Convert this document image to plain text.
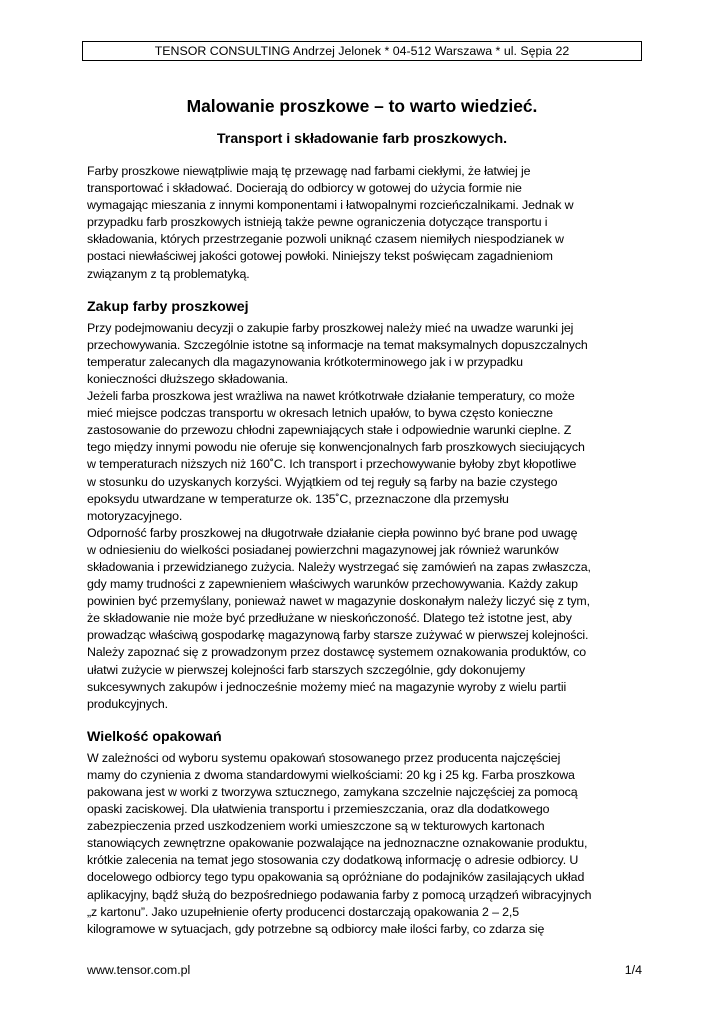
TENSOR CONSULTING Andrzej Jelonek * 04-512 Warszawa * ul. Sępia 22
Malowanie proszkowe – to warto wiedzieć.
Transport i składowanie farb proszkowych.

Farby proszkowe niewątpliwie mają tę przewagę nad farbami ciekłymi, że łatwiej je

transportować i składować. Docierają do odbiorcy w gotowej do użycia formie nie

wymagając mieszania z innymi komponentami i łatwopalnymi rozcieńczalnikami. Jednak w

przypadku farb proszkowych istnieją także pewne ograniczenia dotyczące transportu i

składowania, których przestrzeganie pozwoli uniknąć czasem niemiłych niespodzianek w

postaci niewłaściwej jakości gotowej powłoki. Niniejszy tekst poświęcam zagadnieniom

związanym z tą problematyką.

Zakup farby proszkowej

Przy podejmowaniu decyzji o zakupie farby proszkowej należy mieć na uwadze warunki jej

przechowywania. Szczególnie istotne są informacje na temat maksymalnych dopuszczalnych

temperatur zalecanych dla magazynowania krótkoterminowego jak i w przypadku

konieczności dłuższego składowania.

Jeżeli farba proszkowa jest wrażliwa na nawet krótkotrwałe działanie temperatury, co może

mieć miejsce podczas transportu w okresach letnich upałów, to bywa często konieczne

zastosowanie do przewozu chłodni zapewniających stałe i odpowiednie warunki cieplne. Z

tego między innymi powodu nie oferuje się konwencjonalnych farb proszkowych sieciujących

w temperaturach niższych niż 160˚C. Ich transport i przechowywanie byłoby zbyt kłopotliwe

w stosunku do uzyskanych korzyści. Wyjątkiem od tej reguły są farby na bazie czystego

epoksydu utwardzane w temperaturze ok. 135˚C, przeznaczone dla przemysłu

motoryzacyjnego.

Odporność farby proszkowej na długotrwałe działanie ciepła powinno być brane pod uwagę

w odniesieniu do wielkości posiadanej powierzchni magazynowej jak również warunków

składowania i przewidzianego zużycia. Należy wystrzegać się zamówień na zapas zwłaszcza,

gdy mamy trudności z zapewnieniem właściwych warunków przechowywania. Każdy zakup

powinien być przemyślany, ponieważ nawet w magazynie doskonałym należy liczyć się z tym,

że składowanie nie może być przedłużane w nieskończoność. Dlatego też istotne jest, aby

prowadząc właściwą gospodarkę magazynową farby starsze zużywać w pierwszej kolejności.

Należy zapoznać się z prowadzonym przez dostawcę systemem oznakowania produktów, co

ułatwi zużycie w pierwszej kolejności farb starszych szczególnie, gdy dokonujemy

sukcesywnych zakupów i jednocześnie możemy mieć na magazynie wyroby z wielu partii

produkcyjnych.

Wielkość opakowań

W zależności od wyboru systemu opakowań stosowanego przez producenta najczęściej

mamy do czynienia z dwoma standardowymi wielkościami: 20 kg i 25 kg. Farba proszkowa

pakowana jest w worki z tworzywa sztucznego, zamykana szczelnie najczęściej za pomocą

opaski zaciskowej. Dla ułatwienia transportu i przemieszczania, oraz dla dodatkowego

zabezpieczenia przed uszkodzeniem worki umieszczone są w tekturowych kartonach

stanowiących zewnętrzne opakowanie pozwalające na jednoznaczne oznakowanie produktu,

krótkie zalecenia na temat jego stosowania czy dodatkową informację o adresie odbiorcy. U

docelowego odbiorcy tego typu opakowania są opróżniane do podajników zasilających układ

aplikacyjny, bądź służą do bezpośredniego podawania farby z pomocą urządzeń wibracyjnych

„z kartonu”. Jako uzupełnienie oferty producenci dostarczają opakowania 2 – 2,5

kilogramowe w sytuacjach, gdy potrzebne są odbiorcy małe ilości farby, co zdarza się

www.tensor.com.pl	1/4
